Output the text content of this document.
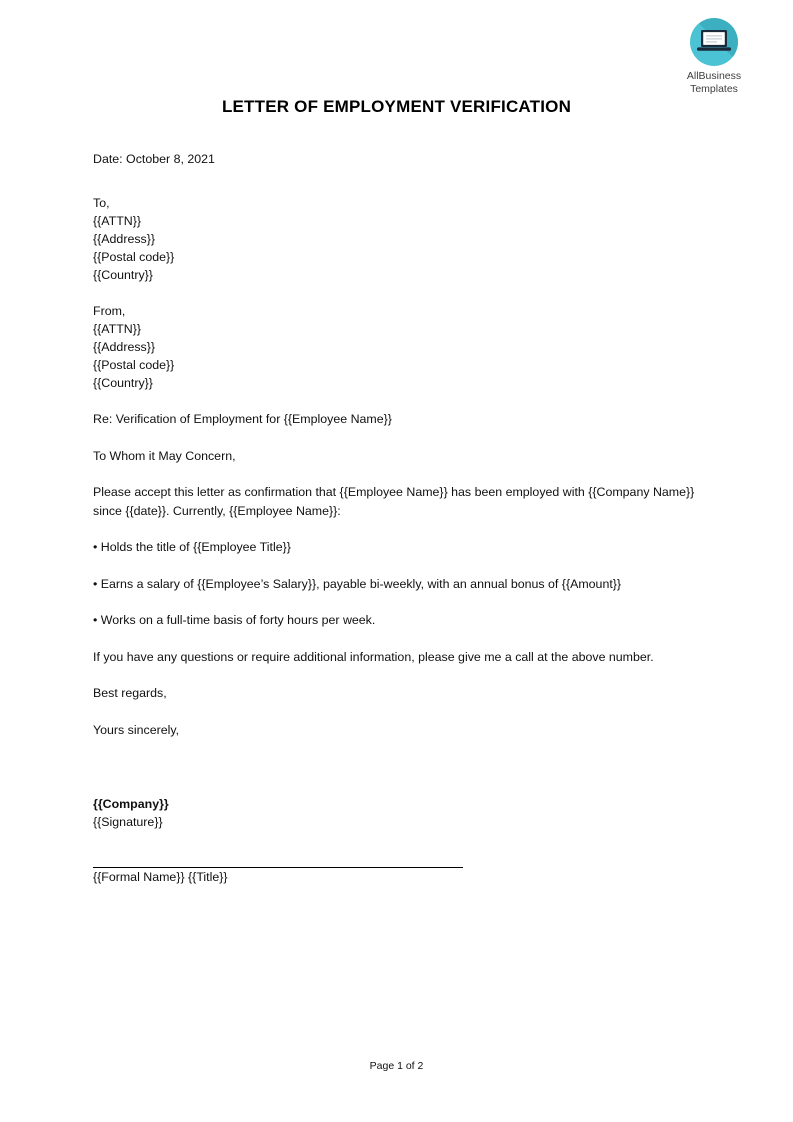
AllBusiness
Templates
LETTER OF EMPLOYMENT VERIFICATION

Date: October 8, 2021

To,

{{ATTN}}

{{Address}}

{{Postal code}}

{{Country}}

From,

{{ATTN}}

{{Address}}

{{Postal code}}

{{Country}}

Re: Verification of Employment for {{Employee Name}}

To Whom it May Concern,

Please accept this letter as confirmation that {{Employee Name}} has been employed with {{Company Name}} since {{date}}. Currently, {{Employee Name}}:

• Holds the title of {{Employee Title}}

• Earns a salary of {{Employee’s Salary}}, payable bi-weekly, with an annual bonus of {{Amount}}

• Works on a full-time basis of forty hours per week.

If you have any questions or require additional information, please give me a call at the above number.

Best regards,

Yours sincerely,

{{Company}}

{{Signature}}

{{Formal Name}} {{Title}}

Page 1 of 2
